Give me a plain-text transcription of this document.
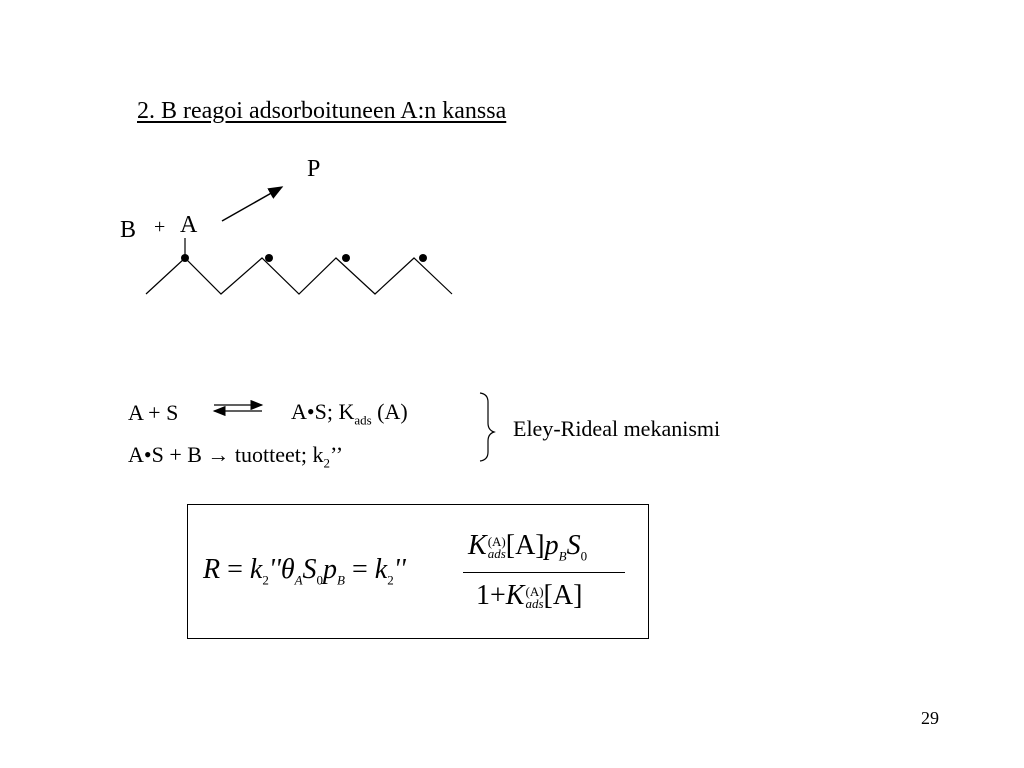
2. B reagoi adsorboituneen A:n kanssa
P
B + A
A + S	A•S; $K_{ads}$ (A)
A•S + B → tuotteet; $k_2$’’
Eley-Rideal mekanismi
$R = k_2''\theta_AS_0p_B = k_2''$
K (A)
ads $[A]p_BS_0$
1+K (A)
ads [A]
29
